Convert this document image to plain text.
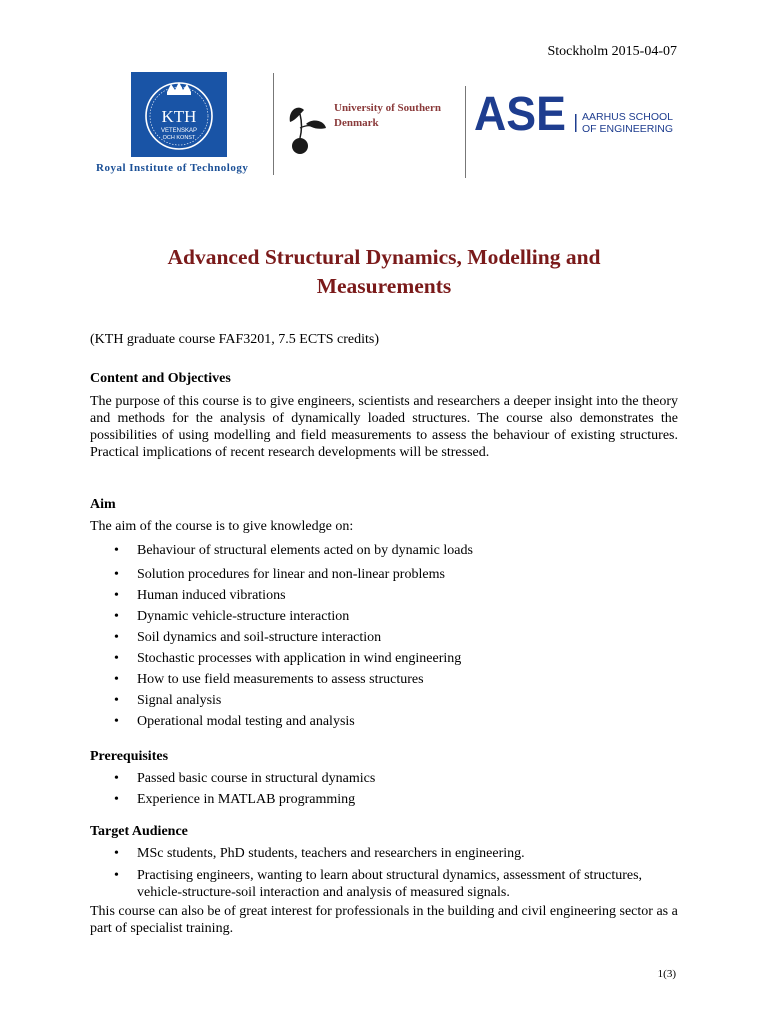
Stockholm 2015-04-07
KTH
VETENSKAP
OCH KONST
Royal Institute of Technology
University of Southern
Denmark	ASE AARHUS SCHOOL
OF ENGINEERING
Advanced Structural Dynamics, Modelling and
Measurements
(KTH graduate course FAF3201, 7.5 ECTS credits)
Content and Objectives
The purpose of this course is to give engineers, scientists and researchers a deeper insight into the theory and methods for the analysis of dynamically loaded structures. The course also demonstrates the possibilities of using modelling and field measurements to assess the behaviour of existing structures. Practical implications of recent research developments will be stressed.
Aim
The aim of the course is to give knowledge on:
• Behaviour of structural elements acted on by dynamic loads
• Solution procedures for linear and non-linear problems
• Human induced vibrations
• Dynamic vehicle-structure interaction
• Soil dynamics and soil-structure interaction
• Stochastic processes with application in wind engineering
• How to use field measurements to assess structures
• Signal analysis
• Operational modal testing and analysis
Prerequisites
• Passed basic course in structural dynamics
• Experience in MATLAB programming
Target Audience
• MSc students, PhD students, teachers and researchers in engineering.
• Practising engineers, wanting to learn about structural dynamics, assessment of structures, vehicle-structure-soil interaction and analysis of measured signals.
This course can also be of great interest for professionals in the building and civil engineering sector as a part of specialist training.
1(3)
